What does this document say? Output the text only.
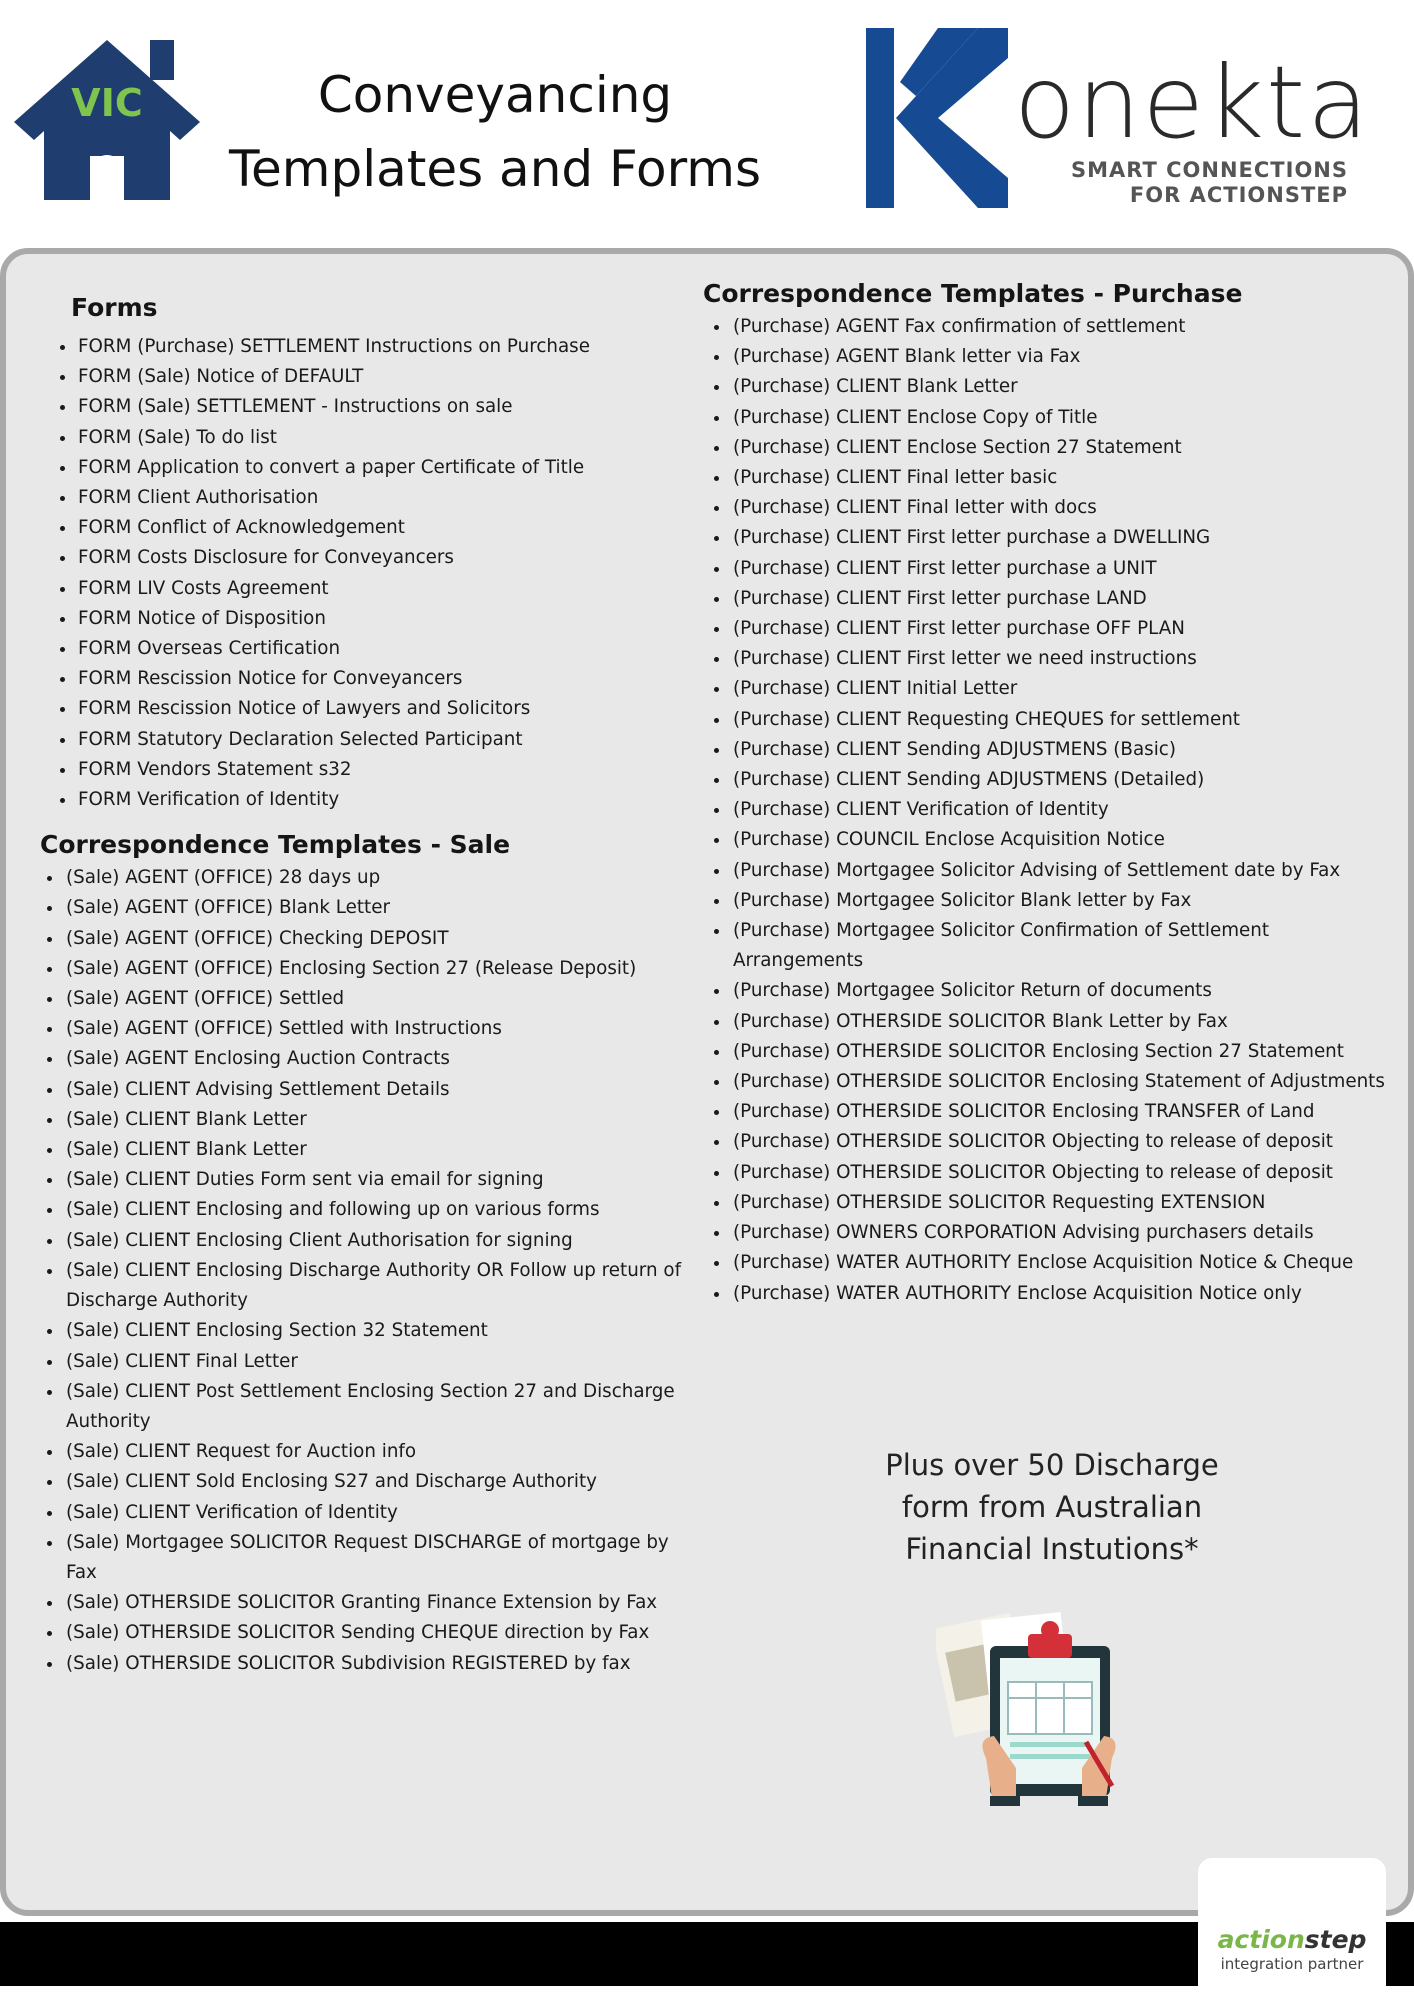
VIC	Conveyancing
Templates and Forms
onekta
SMART CONNECTIONS
FOR ACTIONSTEP
Forms
• FORM (Purchase) SETTLEMENT Instructions on Purchase
• FORM (Sale) Notice of DEFAULT
• FORM (Sale) SETTLEMENT - Instructions on sale
• FORM (Sale) To do list
• FORM Application to convert a paper Certificate of Title
• FORM Client Authorisation
• FORM Conflict of Acknowledgement
• FORM Costs Disclosure for Conveyancers
• FORM LIV Costs Agreement
• FORM Notice of Disposition
• FORM Overseas Certification
• FORM Rescission Notice for Conveyancers
• FORM Rescission Notice of Lawyers and Solicitors
• FORM Statutory Declaration Selected Participant
• FORM Vendors Statement s32
• FORM Verification of Identity
Correspondence Templates - Sale
• (Sale) AGENT (OFFICE) 28 days up
• (Sale) AGENT (OFFICE) Blank Letter
• (Sale) AGENT (OFFICE) Checking DEPOSIT
• (Sale) AGENT (OFFICE) Enclosing Section 27 (Release Deposit)
• (Sale) AGENT (OFFICE) Settled
• (Sale) AGENT (OFFICE) Settled with Instructions
• (Sale) AGENT Enclosing Auction Contracts
• (Sale) CLIENT Advising Settlement Details
• (Sale) CLIENT Blank Letter
• (Sale) CLIENT Blank Letter
• (Sale) CLIENT Duties Form sent via email for signing
• (Sale) CLIENT Enclosing and following up on various forms
• (Sale) CLIENT Enclosing Client Authorisation for signing
• (Sale) CLIENT Enclosing Discharge Authority OR Follow up return of Discharge Authority
• (Sale) CLIENT Enclosing Section 32 Statement
• (Sale) CLIENT Final Letter
• (Sale) CLIENT Post Settlement Enclosing Section 27 and Discharge Authority
• (Sale) CLIENT Request for Auction info
• (Sale) CLIENT Sold Enclosing S27 and Discharge Authority
• (Sale) CLIENT Verification of Identity
• (Sale) Mortgagee SOLICITOR Request DISCHARGE of mortgage by Fax
• (Sale) OTHERSIDE SOLICITOR Granting Finance Extension by Fax
• (Sale) OTHERSIDE SOLICITOR Sending CHEQUE direction by Fax
• (Sale) OTHERSIDE SOLICITOR Subdivision REGISTERED by fax
Correspondence Templates - Purchase
• (Purchase) AGENT Fax confirmation of settlement
• (Purchase) AGENT Blank letter via Fax
• (Purchase) CLIENT Blank Letter
• (Purchase) CLIENT Enclose Copy of Title
• (Purchase) CLIENT Enclose Section 27 Statement
• (Purchase) CLIENT Final letter basic
• (Purchase) CLIENT Final letter with docs
• (Purchase) CLIENT First letter purchase a DWELLING
• (Purchase) CLIENT First letter purchase a UNIT
• (Purchase) CLIENT First letter purchase LAND
• (Purchase) CLIENT First letter purchase OFF PLAN
• (Purchase) CLIENT First letter we need instructions
• (Purchase) CLIENT Initial Letter
• (Purchase) CLIENT Requesting CHEQUES for settlement
• (Purchase) CLIENT Sending ADJUSTMENS (Basic)
• (Purchase) CLIENT Sending ADJUSTMENS (Detailed)
• (Purchase) CLIENT Verification of Identity
• (Purchase) COUNCIL Enclose Acquisition Notice
• (Purchase) Mortgagee Solicitor Advising of Settlement date by Fax
• (Purchase) Mortgagee Solicitor Blank letter by Fax
• (Purchase) Mortgagee Solicitor Confirmation of Settlement Arrangements
• (Purchase) Mortgagee Solicitor Return of documents
• (Purchase) OTHERSIDE SOLICITOR Blank Letter by Fax
• (Purchase) OTHERSIDE SOLICITOR Enclosing Section 27 Statement
• (Purchase) OTHERSIDE SOLICITOR Enclosing Statement of Adjustments
• (Purchase) OTHERSIDE SOLICITOR Enclosing TRANSFER of Land
• (Purchase) OTHERSIDE SOLICITOR Objecting to release of deposit
• (Purchase) OTHERSIDE SOLICITOR Objecting to release of deposit
• (Purchase) OTHERSIDE SOLICITOR Requesting EXTENSION
• (Purchase) OWNERS CORPORATION Advising purchasers details
• (Purchase) WATER AUTHORITY Enclose Acquisition Notice & Cheque
• (Purchase) WATER AUTHORITY Enclose Acquisition Notice only
Plus over 50 Discharge
form from Australian
Financial Instutions*
actionstep
integration partner
